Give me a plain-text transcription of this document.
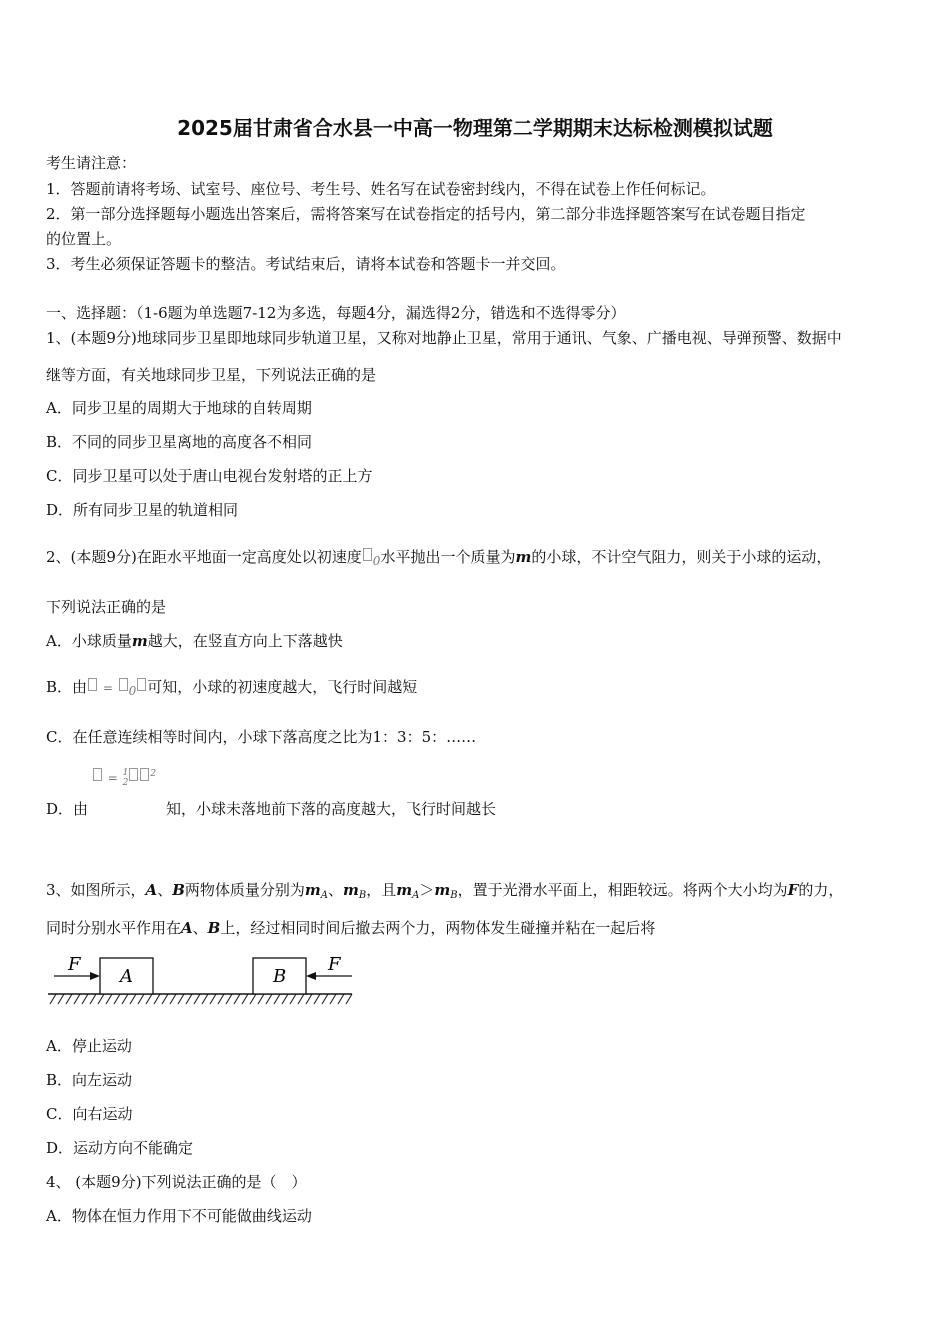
2025届甘肃省合水县一中高一物理第二学期期末达标检测模拟试题
考生请注意：
1．答题前请将考场、试室号、座位号、考生号、姓名写在试卷密封线内，不得在试卷上作任何标记。
2．第一部分选择题每小题选出答案后，需将答案写在试卷指定的括号内，第二部分非选择题答案写在试卷题目指定
的位置上。
3．考生必须保证答题卡的整洁。考试结束后，请将本试卷和答题卡一并交回。
一、选择题：（1-6题为单选题7-12为多选，每题4分，漏选得2分，错选和不选得零分）
1、(本题9分)地球同步卫星即地球同步轨道卫星，又称对地静止卫星，常用于通讯、气象、广播电视、导弹预警、数据中
继等方面，有关地球同步卫星，下列说法正确的是
A．同步卫星的周期大于地球的自转周期
B．不同的同步卫星离地的高度各不相同
C．同步卫星可以处于唐山电视台发射塔的正上方
D．所有同步卫星的轨道相同
2、(本题9分)在距水平地面一定高度处以初速度 $_0$水平抛出一个质量为m的小球，不计空气阻力，则关于小球的运动，
下列说法正确的是
A．小球质量m越大，在竖直方向上下落越快
B．由 = $_0$ 可知，小球的初速度越大，飞行时间越短
C．在任意连续相等时间内，小球下落高度之比为1：3：5：……
= 1
$2^2$
D．由	知，小球未落地前下落的高度越大，飞行时间越长
3、如图所示，A、B两物体质量分别为$m_A$、$m_B$，且$m_A>m_B$，置于光滑水平面上，相距较远。将两个大小均为F的力，
同时分别水平作用在A、B上，经过相同时间后撤去两个力，两物体发生碰撞并粘在一起后将
F	F
A	B
A．停止运动
B．向左运动
C．向右运动
D．运动方向不能确定
4、 (本题9分)下列说法正确的是（　）
A．物体在恒力作用下不可能做曲线运动
